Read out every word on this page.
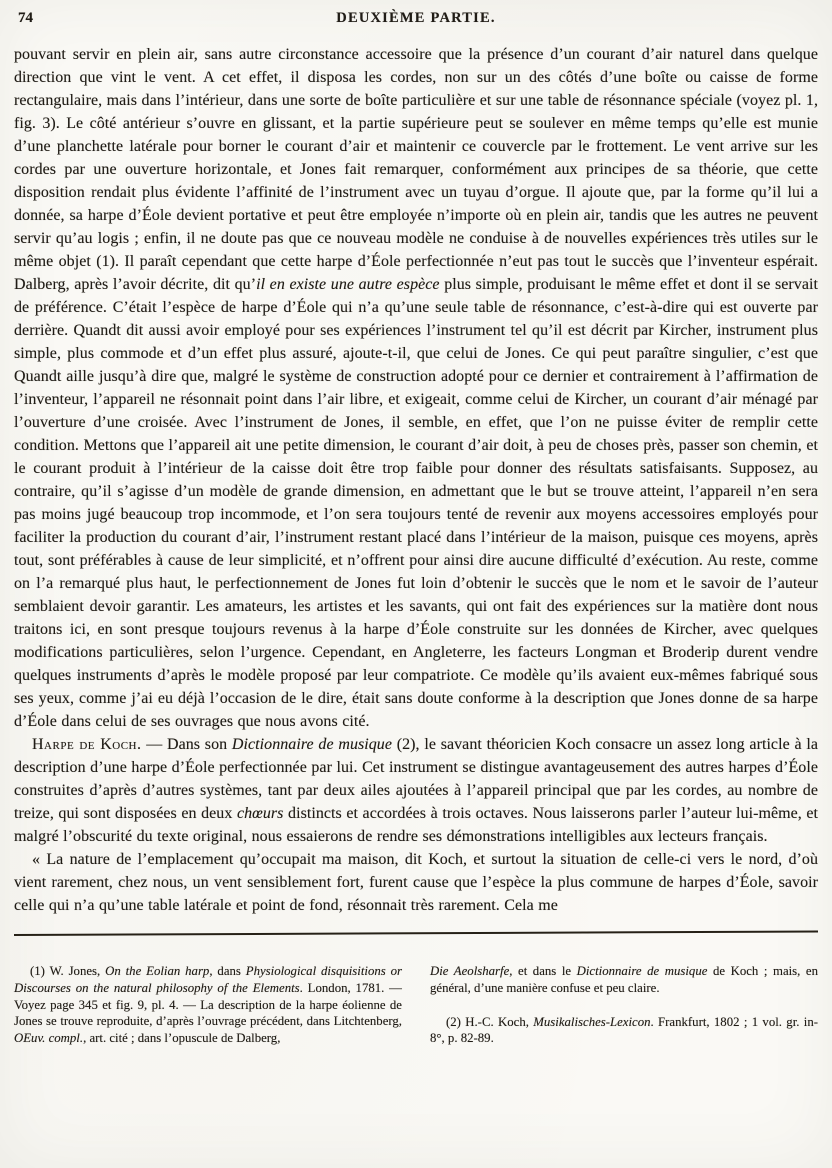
74	DEUXIÈME PARTIE.

pouvant servir en plein air, sans autre circonstance accessoire que la présence d’un courant d’air naturel dans quelque direction que vint le vent. A cet effet, il disposa les cordes, non sur un des côtés d’une boîte ou caisse de forme rectangulaire, mais dans l’intérieur, dans une sorte de boîte particulière et sur une table de résonnance spéciale (voyez pl. 1, fig. 3). Le côté antérieur s’ouvre en glissant, et la partie supérieure peut se soulever en même temps qu’elle est munie d’une planchette latérale pour borner le courant d’air et maintenir ce couvercle par le frottement. Le vent arrive sur les cordes par une ouverture horizontale, et Jones fait remarquer, conformément aux principes de sa théorie, que cette disposition rendait plus évidente l’affinité de l’instrument avec un tuyau d’orgue. Il ajoute que, par la forme qu’il lui a donnée, sa harpe d’Éole devient portative et peut être employée n’importe où en plein air, tandis que les autres ne peuvent servir qu’au logis ; enfin, il ne doute pas que ce nouveau modèle ne conduise à de nouvelles expériences très utiles sur le même objet (1). Il paraît cependant que cette harpe d’Éole perfectionnée n’eut pas tout le succès que l’inventeur espérait. Dalberg, après l’avoir décrite, dit qu’il en existe une autre espèce plus simple, produisant le même effet et dont il se servait de préférence. C’était l’espèce de harpe d’Éole qui n’a qu’une seule table de résonnance, c’est-à-dire qui est ouverte par derrière. Quandt dit aussi avoir employé pour ses expériences l’instrument tel qu’il est décrit par Kircher, instrument plus simple, plus commode et d’un effet plus assuré, ajoute-t-il, que celui de Jones. Ce qui peut paraître singulier, c’est que Quandt aille jusqu’à dire que, malgré le système de construction adopté pour ce dernier et contrairement à l’affirmation de l’inventeur, l’appareil ne résonnait point dans l’air libre, et exigeait, comme celui de Kircher, un courant d’air ménagé par l’ouverture d’une croisée. Avec l’instrument de Jones, il semble, en effet, que l’on ne puisse éviter de remplir cette condition. Mettons que l’appareil ait une petite dimension, le courant d’air doit, à peu de choses près, passer son chemin, et le courant produit à l’intérieur de la caisse doit être trop faible pour donner des résultats satisfaisants. Supposez, au contraire, qu’il s’agisse d’un modèle de grande dimension, en admettant que le but se trouve atteint, l’appareil n’en sera pas moins jugé beaucoup trop incommode, et l’on sera toujours tenté de revenir aux moyens accessoires employés pour faciliter la production du courant d’air, l’instrument restant placé dans l’intérieur de la maison, puisque ces moyens, après tout, sont préférables à cause de leur simplicité, et n’offrent pour ainsi dire aucune difficulté d’exécution. Au reste, comme on l’a remarqué plus haut, le perfectionnement de Jones fut loin d’obtenir le succès que le nom et le savoir de l’auteur semblaient devoir garantir. Les amateurs, les artistes et les savants, qui ont fait des expériences sur la matière dont nous traitons ici, en sont presque toujours revenus à la harpe d’Éole construite sur les données de Kircher, avec quelques modifications particulières, selon l’urgence. Cependant, en Angleterre, les facteurs Longman et Broderip durent vendre quelques instruments d’après le modèle proposé par leur compatriote. Ce modèle qu’ils avaient eux-mêmes fabriqué sous ses yeux, comme j’ai eu déjà l’occasion de le dire, était sans doute conforme à la description que Jones donne de sa harpe d’Éole dans celui de ses ouvrages que nous avons cité.

Harpe de Koch. — Dans son Dictionnaire de musique (2), le savant théoricien Koch consacre un assez long article à la description d’une harpe d’Éole perfectionnée par lui. Cet instrument se distingue avantageusement des autres harpes d’Éole construites d’après d’autres systèmes, tant par deux ailes ajoutées à l’appareil principal que par les cordes, au nombre de treize, qui sont disposées en deux chœurs distincts et accordées à trois octaves. Nous laisserons parler l’auteur lui-même, et malgré l’obscurité du texte original, nous essaierons de rendre ses démonstrations intelligibles aux lecteurs français.

« La nature de l’emplacement qu’occupait ma maison, dit Koch, et surtout la situation de celle-ci vers le nord, d’où vient rarement, chez nous, un vent sensiblement fort, furent cause que l’espèce la plus commune de harpes d’Éole, savoir celle qui n’a qu’une table latérale et point de fond, résonnait très rarement. Cela me

(1) W. Jones, On the Eolian harp, dans Physiological disquisitions or Discourses on the natural philosophy of the Elements. London, 1781. — Voyez page 345 et fig. 9, pl. 4. — La description de la harpe éolienne de Jones se trouve reproduite, d’après l’ouvrage précédent, dans Litchtenberg, OEuv. compl., art. cité ; dans l’opuscule de Dalberg,

Die Aeolsharfe, et dans le Dictionnaire de musique de Koch ; mais, en général, d’une manière confuse et peu claire.

(2) H.-C. Koch, Musikalisches-Lexicon. Frankfurt, 1802 ; 1 vol. gr. in-8°, p. 82-89.
